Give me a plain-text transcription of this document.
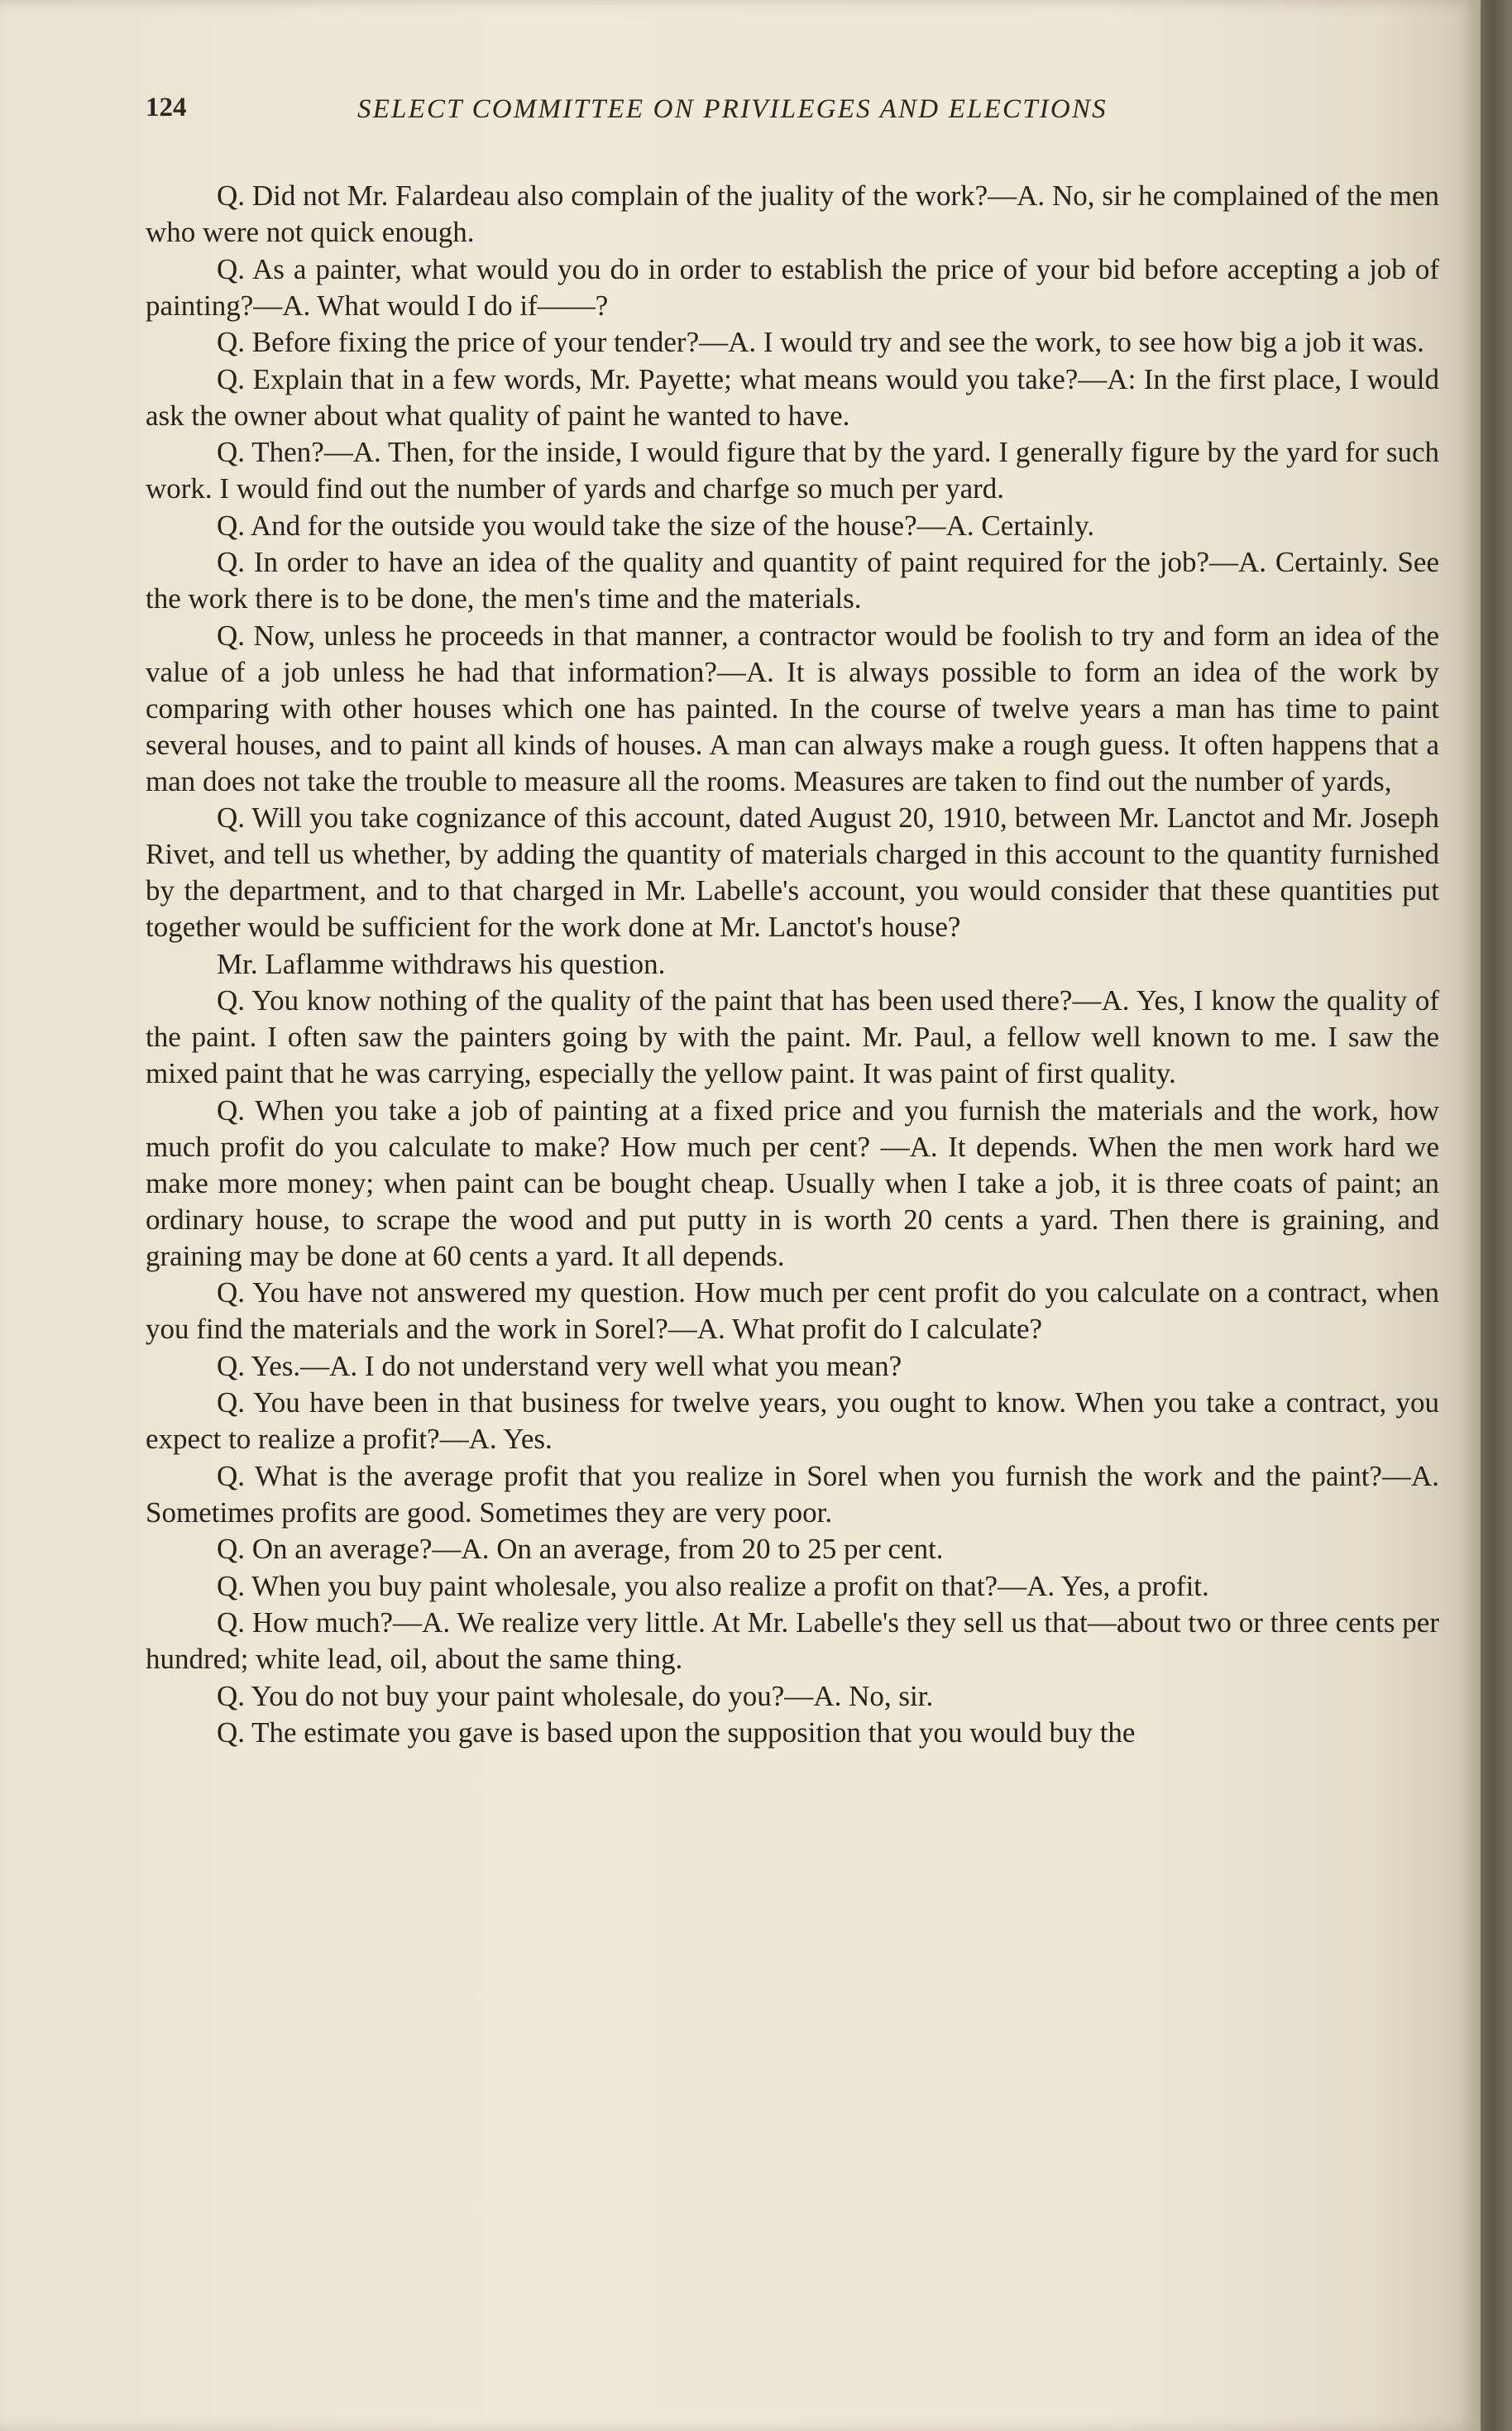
124	SELECT COMMITTEE ON PRIVILEGES AND ELECTIONS

Q. Did not Mr. Falardeau also complain of the juality of the work?—A. No, sir he complained of the men who were not quick enough.

Q. As a painter, what would you do in order to establish the price of your bid before accepting a job of painting?—A. What would I do if——?

Q. Before fixing the price of your tender?—A. I would try and see the work, to see how big a job it was.

Q. Explain that in a few words, Mr. Payette; what means would you take?—A: In the first place, I would ask the owner about what quality of paint he wanted to have.

Q. Then?—A. Then, for the inside, I would figure that by the yard. I generally figure by the yard for such work. I would find out the number of yards and charfge so much per yard.

Q. And for the outside you would take the size of the house?—A. Certainly.

Q. In order to have an idea of the quality and quantity of paint required for the job?—A. Certainly. See the work there is to be done, the men's time and the materials.

Q. Now, unless he proceeds in that manner, a contractor would be foolish to try and form an idea of the value of a job unless he had that information?—A. It is always possible to form an idea of the work by comparing with other houses which one has painted. In the course of twelve years a man has time to paint several houses, and to paint all kinds of houses. A man can always make a rough guess. It often happens that a man does not take the trouble to measure all the rooms. Measures are taken to find out the number of yards,

Q. Will you take cognizance of this account, dated August 20, 1910, between Mr. Lanctot and Mr. Joseph Rivet, and tell us whether, by adding the quantity of materials charged in this account to the quantity furnished by the department, and to that charged in Mr. Labelle's account, you would consider that these quantities put together would be sufficient for the work done at Mr. Lanctot's house?

Mr. Laflamme withdraws his question.

Q. You know nothing of the quality of the paint that has been used there?—A. Yes, I know the quality of the paint. I often saw the painters going by with the paint. Mr. Paul, a fellow well known to me. I saw the mixed paint that he was carrying, especially the yellow paint. It was paint of first quality.

Q. When you take a job of painting at a fixed price and you furnish the materials and the work, how much profit do you calculate to make? How much per cent? —A. It depends. When the men work hard we make more money; when paint can be bought cheap. Usually when I take a job, it is three coats of paint; an ordinary house, to scrape the wood and put putty in is worth 20 cents a yard. Then there is graining, and graining may be done at 60 cents a yard. It all depends.

Q. You have not answered my question. How much per cent profit do you calculate on a contract, when you find the materials and the work in Sorel?—A. What profit do I calculate?

Q. Yes.—A. I do not understand very well what you mean?

Q. You have been in that business for twelve years, you ought to know. When you take a contract, you expect to realize a profit?—A. Yes.

Q. What is the average profit that you realize in Sorel when you furnish the work and the paint?—A. Sometimes profits are good. Sometimes they are very poor.

Q. On an average?—A. On an average, from 20 to 25 per cent.

Q. When you buy paint wholesale, you also realize a profit on that?—A. Yes, a profit.

Q. How much?—A. We realize very little. At Mr. Labelle's they sell us that—about two or three cents per hundred; white lead, oil, about the same thing.

Q. You do not buy your paint wholesale, do you?—A. No, sir.

Q. The estimate you gave is based upon the supposition that you would buy the
